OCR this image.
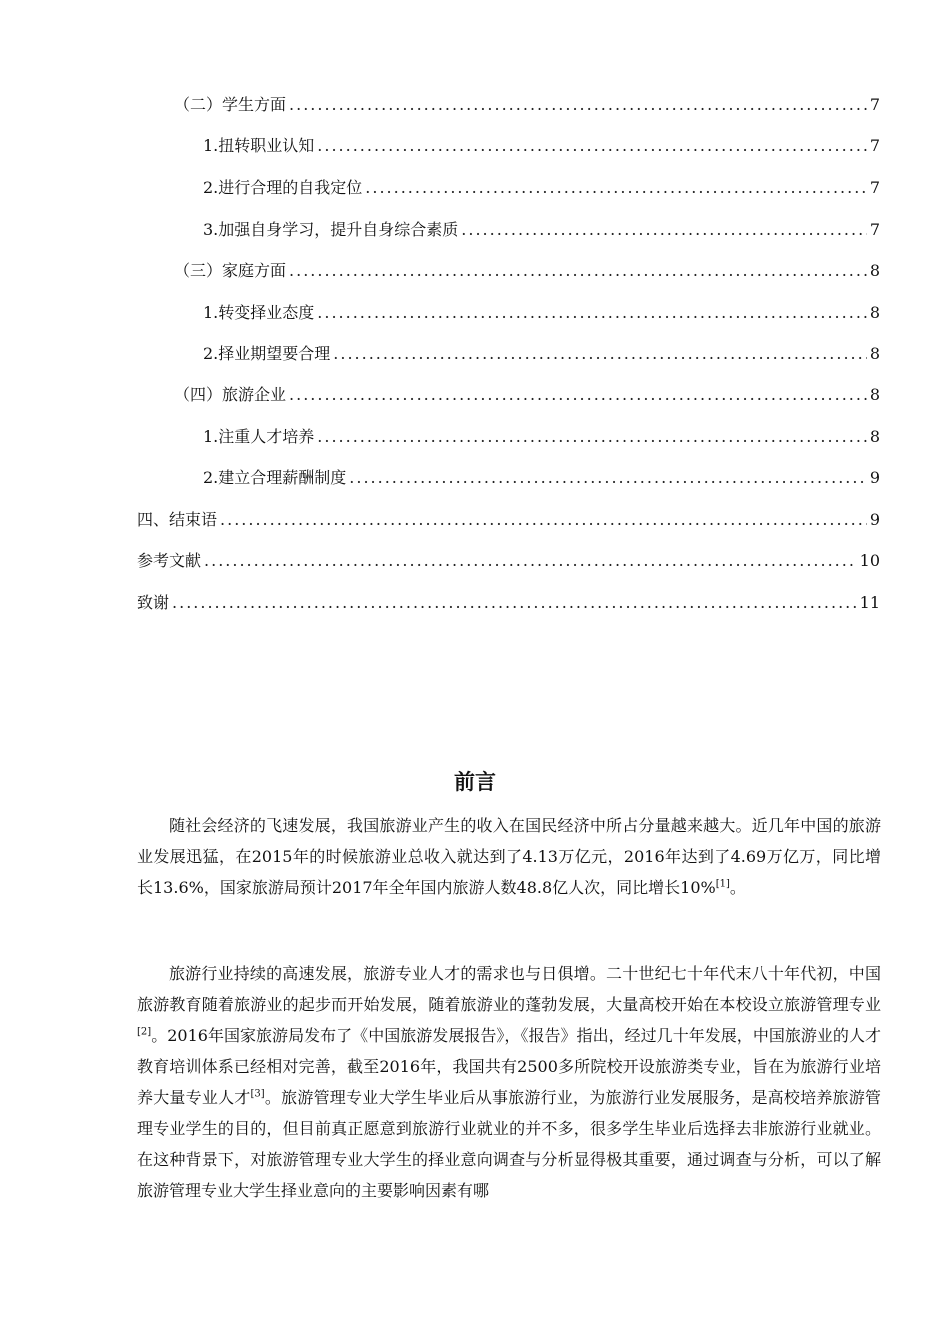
（二）学生方面 .....	7
1.扭转职业认知 .....	7
2.进行合理的自我定位 .....	7
3.加强自身学习，提升自身综合素质 .....	7
（三）家庭方面 .....	8
1.转变择业态度 .....	8
2.择业期望要合理 .....	8
（四）旅游企业 .....	8
1.注重人才培养 .....	8
2.建立合理薪酬制度 .....	9
四、结束语 .....	9
参考文献 .....	10
致谢 .....	11
前言

随社会经济的飞速发展，我国旅游业产生的收入在国民经济中所占分量越来越大。近几年中国的旅游业发展迅猛，在2015年的时候旅游业总收入就达到了4.13万亿元，2016年达到了4.69万亿万，同比增长13.6%，国家旅游局预计2017年全年国内旅游人数48.8亿人次，同比增长10%[1]。

旅游行业持续的高速发展，旅游专业人才的需求也与日俱增。二十世纪七十年代末八十年代初，中国旅游教育随着旅游业的起步而开始发展，随着旅游业的蓬勃发展，大量高校开始在本校设立旅游管理专业[2]。2016年国家旅游局发布了《中国旅游发展报告》，《报告》指出，经过几十年发展，中国旅游业的人才教育培训体系已经相对完善，截至2016年，我国共有2500多所院校开设旅游类专业，旨在为旅游行业培养大量专业人才[3]。旅游管理专业大学生毕业后从事旅游行业，为旅游行业发展服务，是高校培养旅游管理专业学生的目的，但目前真正愿意到旅游行业就业的并不多，很多学生毕业后选择去非旅游行业就业。在这种背景下，对旅游管理专业大学生的择业意向调查与分析显得极其重要，通过调查与分析，可以了解旅游管理专业大学生择业意向的主要影响因素有哪
